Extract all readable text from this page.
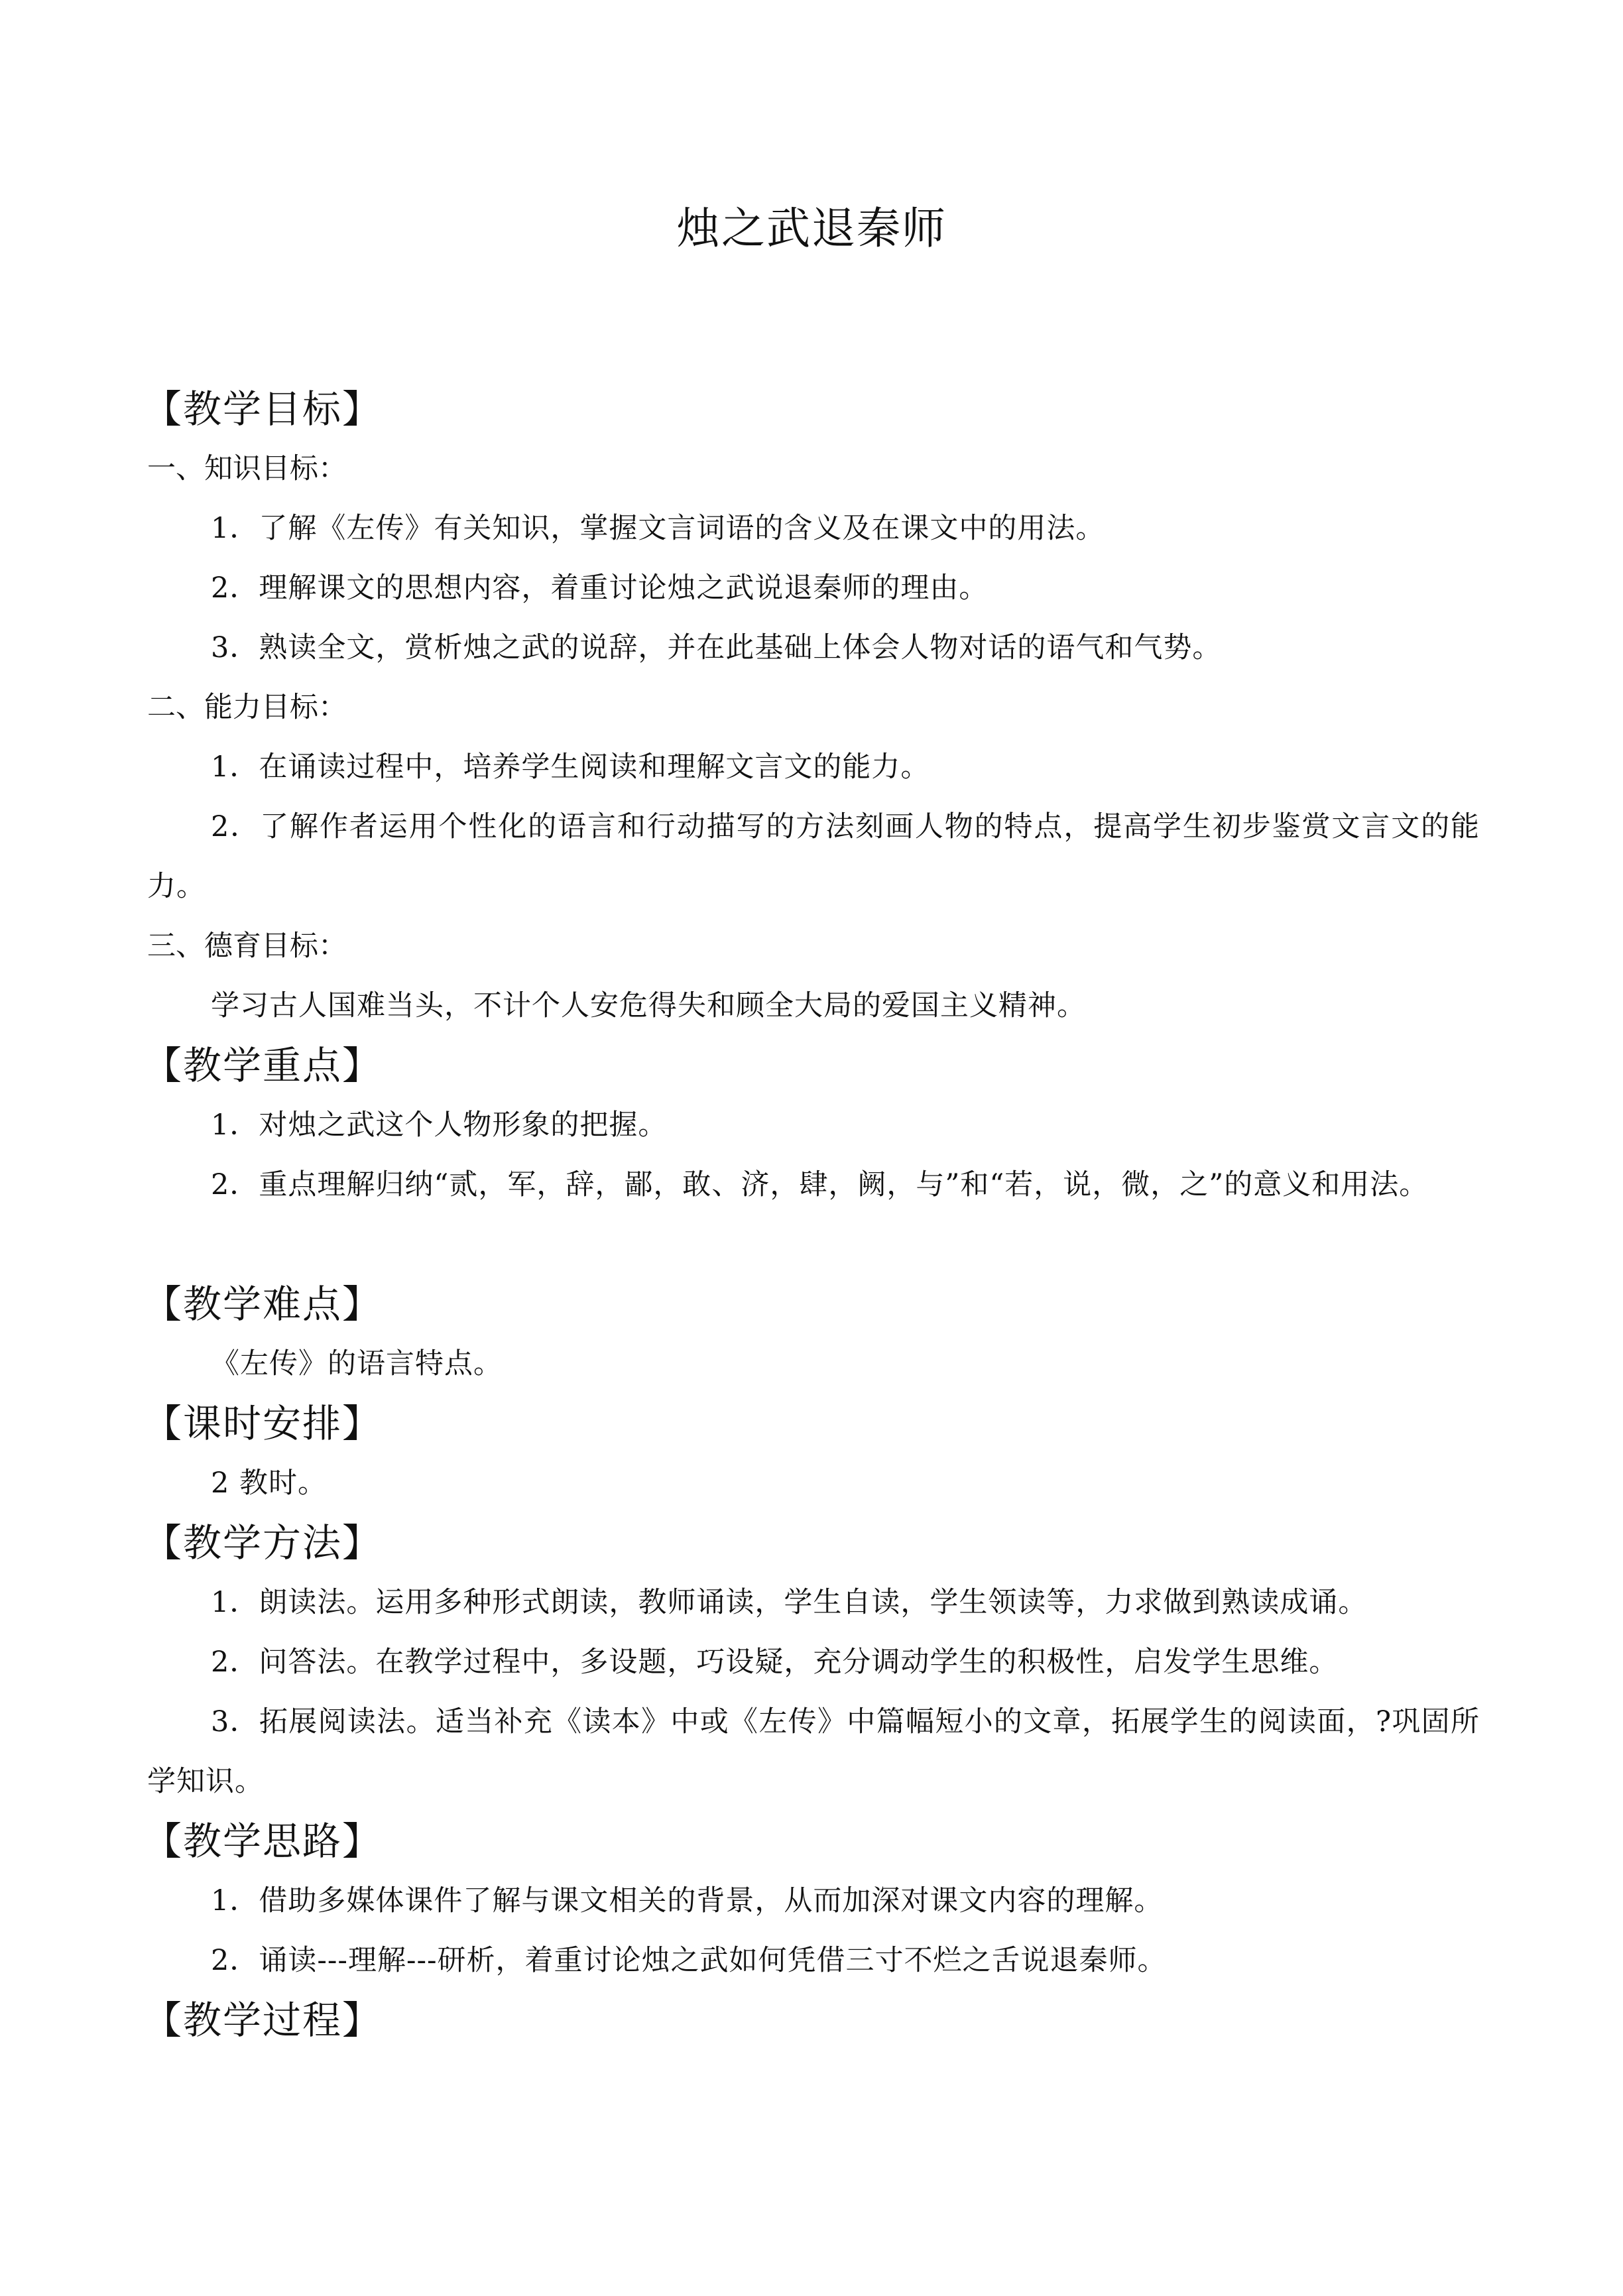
烛之武退秦师
【教学目标】
一、知识目标：
1．了解《左传》有关知识，掌握文言词语的含义及在课文中的用法。
2．理解课文的思想内容，着重讨论烛之武说退秦师的理由。
3．熟读全文，赏析烛之武的说辞，并在此基础上体会人物对话的语气和气势。
二、能力目标：
1．在诵读过程中，培养学生阅读和理解文言文的能力。
2．了解作者运用个性化的语言和行动描写的方法刻画人物的特点，提高学生初步鉴赏文言文的能力。
三、德育目标：
学习古人国难当头，不计个人安危得失和顾全大局的爱国主义精神。
【教学重点】
1．对烛之武这个人物形象的把握。
2．重点理解归纳“贰，军，辞，鄙，敢、济，肆，阙，与”和“若，说，微，之”的意义和用法。
【教学难点】
《左传》的语言特点。
【课时安排】
2 教时。
【教学方法】
1．朗读法。运用多种形式朗读，教师诵读，学生自读，学生领读等，力求做到熟读成诵。
2．问答法。在教学过程中，多设题，巧设疑，充分调动学生的积极性，启发学生思维。
3．拓展阅读法。适当补充《读本》中或《左传》中篇幅短小的文章，拓展学生的阅读面，?巩固所学知识。
【教学思路】
1．借助多媒体课件了解与课文相关的背景，从而加深对课文内容的理解。
2．诵读---理解---研析，着重讨论烛之武如何凭借三寸不烂之舌说退秦师。
【教学过程】
